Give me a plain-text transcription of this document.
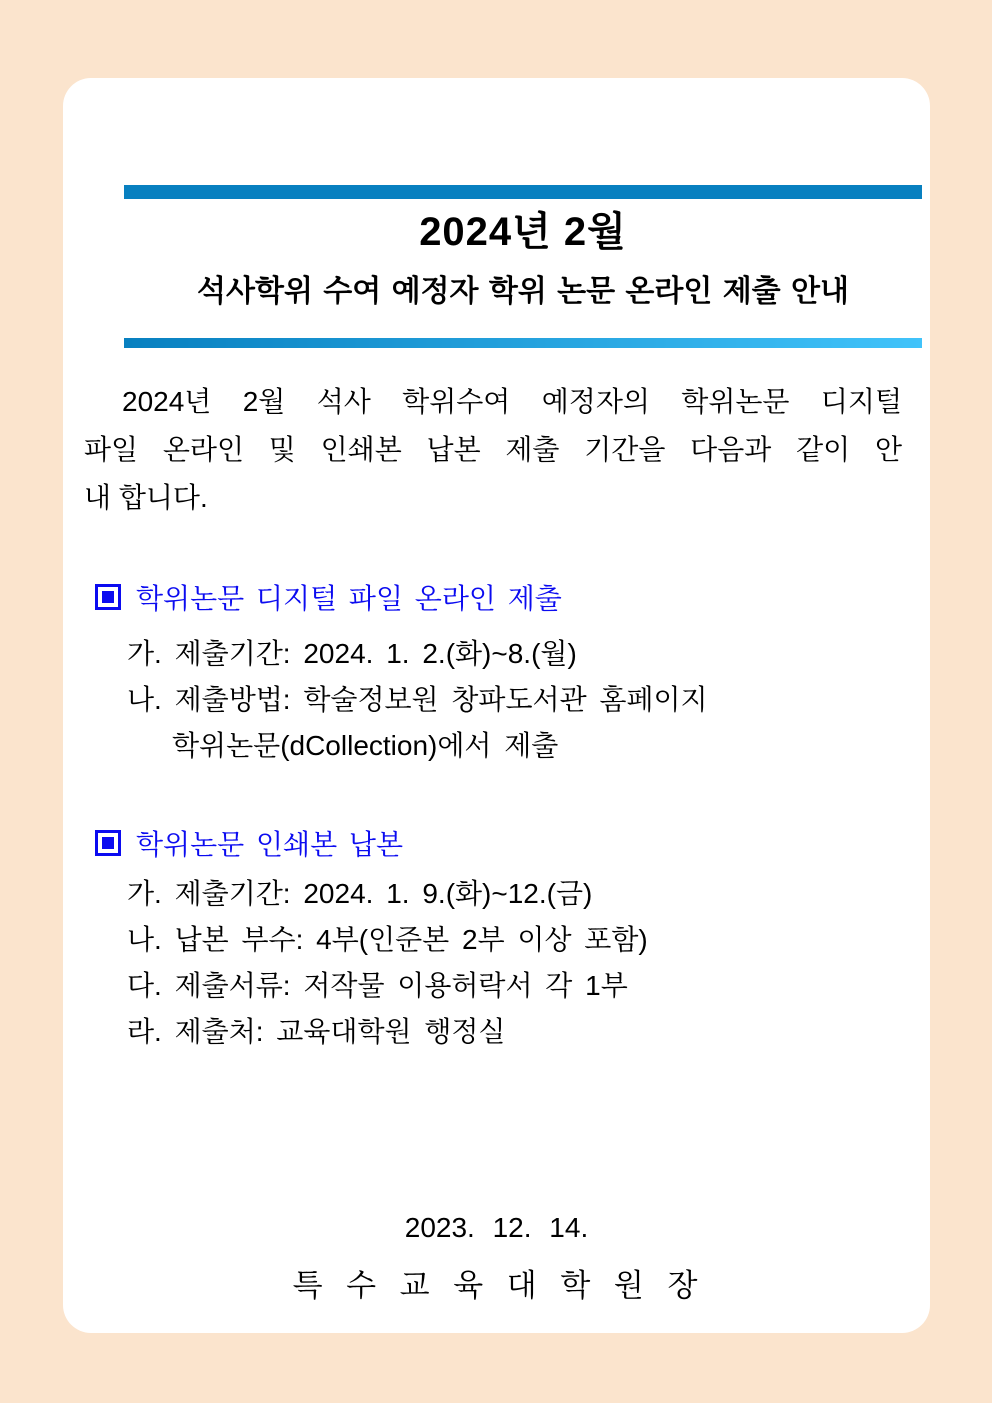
2024년 2월
석사학위 수여 예정자 학위 논문 온라인 제출 안내
2024년 2월 석사 학위수여 예정자의 학위논문 디지털
파일 온라인 및 인쇄본 납본 제출 기간을 다음과 같이 안
내 합니다.
학위논문 디지털 파일 온라인 제출
가. 제출기간: 2024. 1. 2.(화)~8.(월)
나. 제출방법: 학술정보원 창파도서관 홈페이지
학위논문(dCollection)에서 제출
학위논문 인쇄본 납본
가. 제출기간: 2024. 1. 9.(화)~12.(금)
나. 납본 부수: 4부(인준본 2부 이상 포함)
다. 제출서류: 저작물 이용허락서 각 1부
라. 제출처: 교육대학원 행정실
2023. 12. 14.
특 수 교 육 대 학 원 장
